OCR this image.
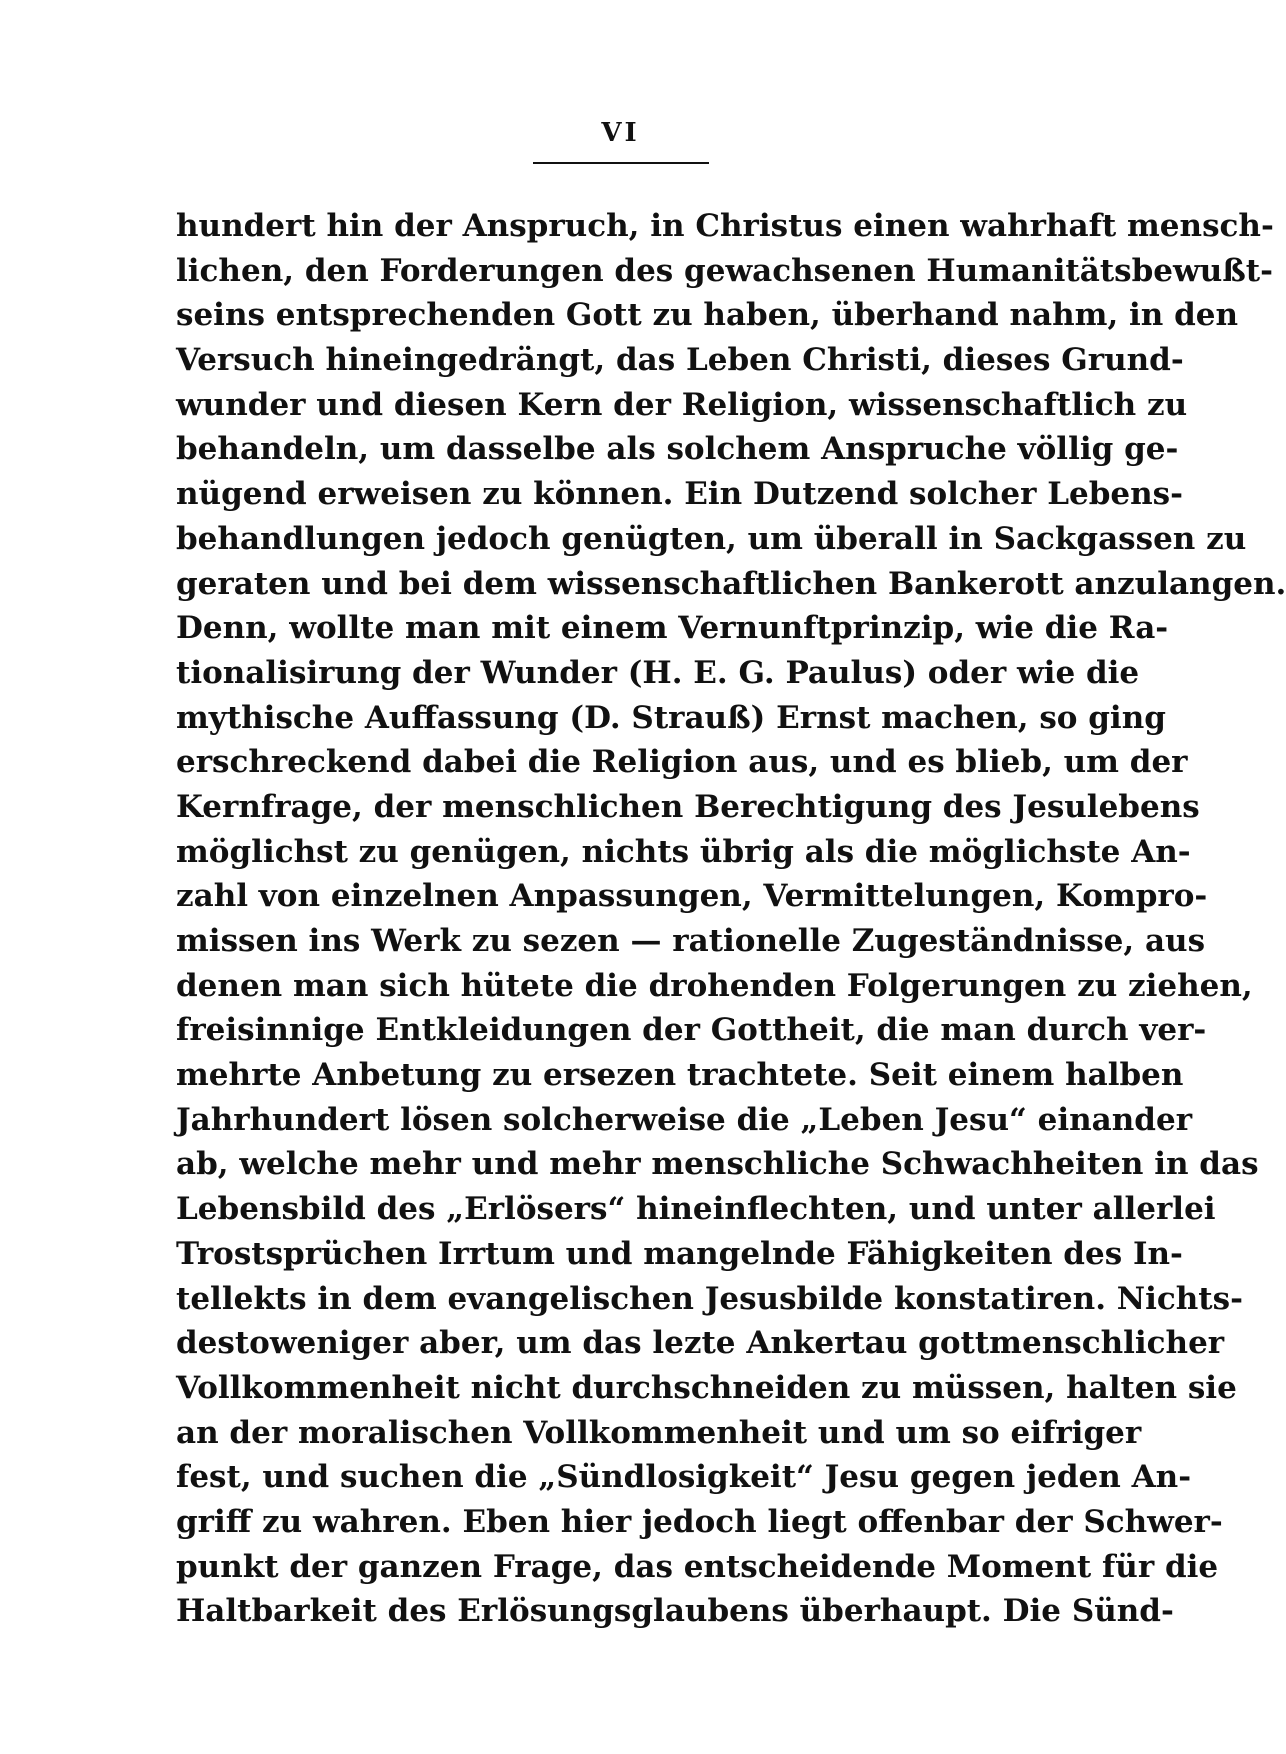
VI
hundert hin der Anspruch, in Christus einen wahrhaft mensch-
lichen, den Forderungen des gewachsenen Humanitätsbewußt-
seins entsprechenden Gott zu haben, überhand nahm, in den
Versuch hineingedrängt, das Leben Christi, dieses Grund-
wunder und diesen Kern der Religion, wissenschaftlich zu
behandeln, um dasselbe als solchem Anspruche völlig ge-
nügend erweisen zu können. Ein Dutzend solcher Lebens-
behandlungen jedoch genügten, um überall in Sackgassen zu
geraten und bei dem wissenschaftlichen Bankerott anzulangen.
Denn, wollte man mit einem Vernunftprinzip, wie die Ra-
tionalisirung der Wunder (H. E. G. Paulus) oder wie die
mythische Auffassung (D. Strauß) Ernst machen, so ging
erschreckend dabei die Religion aus, und es blieb, um der
Kernfrage, der menschlichen Berechtigung des Jesulebens
möglichst zu genügen, nichts übrig als die möglichste An-
zahl von einzelnen Anpassungen, Vermittelungen, Kompro-
missen ins Werk zu sezen — rationelle Zugeständnisse, aus
denen man sich hütete die drohenden Folgerungen zu ziehen,
freisinnige Entkleidungen der Gottheit, die man durch ver-
mehrte Anbetung zu ersezen trachtete. Seit einem halben
Jahrhundert lösen solcherweise die „Leben Jesu“ einander
ab, welche mehr und mehr menschliche Schwachheiten in das
Lebensbild des „Erlösers“ hineinflechten, und unter allerlei
Trostsprüchen Irrtum und mangelnde Fähigkeiten des In-
tellekts in dem evangelischen Jesusbilde konstatiren. Nichts-
destoweniger aber, um das lezte Ankertau gottmenschlicher
Vollkommenheit nicht durchschneiden zu müssen, halten sie
an der moralischen Vollkommenheit und um so eifriger
fest, und suchen die „Sündlosigkeit“ Jesu gegen jeden An-
griff zu wahren. Eben hier jedoch liegt offenbar der Schwer-
punkt der ganzen Frage, das entscheidende Moment für die
Haltbarkeit des Erlösungsglaubens überhaupt. Die Sünd-
